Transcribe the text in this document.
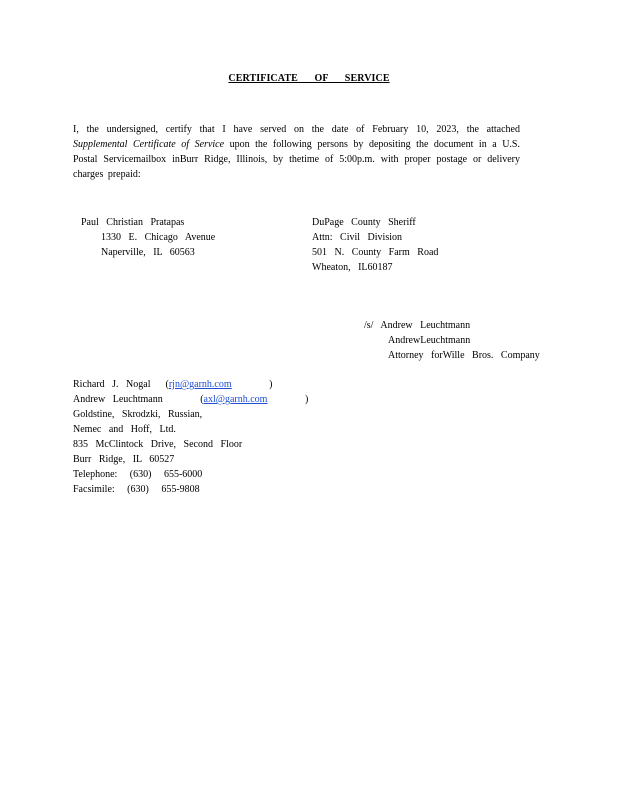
CERTIFICATE OF SERVICE
I, the undersigned, certify that I have served on the date of February 10, 2023, the attached Supplemental Certificate of Service upon the following persons by depositing the document in a U.S. Postal Servicemailbox inBurr Ridge, Illinois, by thetime of 5:00p.m. with proper postage or delivery charges prepaid:
Paul Christian Pratapas
1330 E. Chicago Avenue
Naperville, IL 60563
DuPage County Sheriff
Attn: Civil Division
501 N. County Farm Road
Wheaton, IL60187
/s/ Andrew Leuchtmann
AndrewLeuchtmann
Attorney forWille Bros. Company
Richard J. Nogal  (rjn@garnh.com     )
Andrew Leuchtmann     (axl@garnh.com     )
Goldstine, Skrodzki, Russian,
Nemec and Hoff, Ltd.
835 McClintock Drive, Second Floor
Burr Ridge, IL 60527
Telephone: (630) 655-6000
Facsimile: (630) 655-9808
